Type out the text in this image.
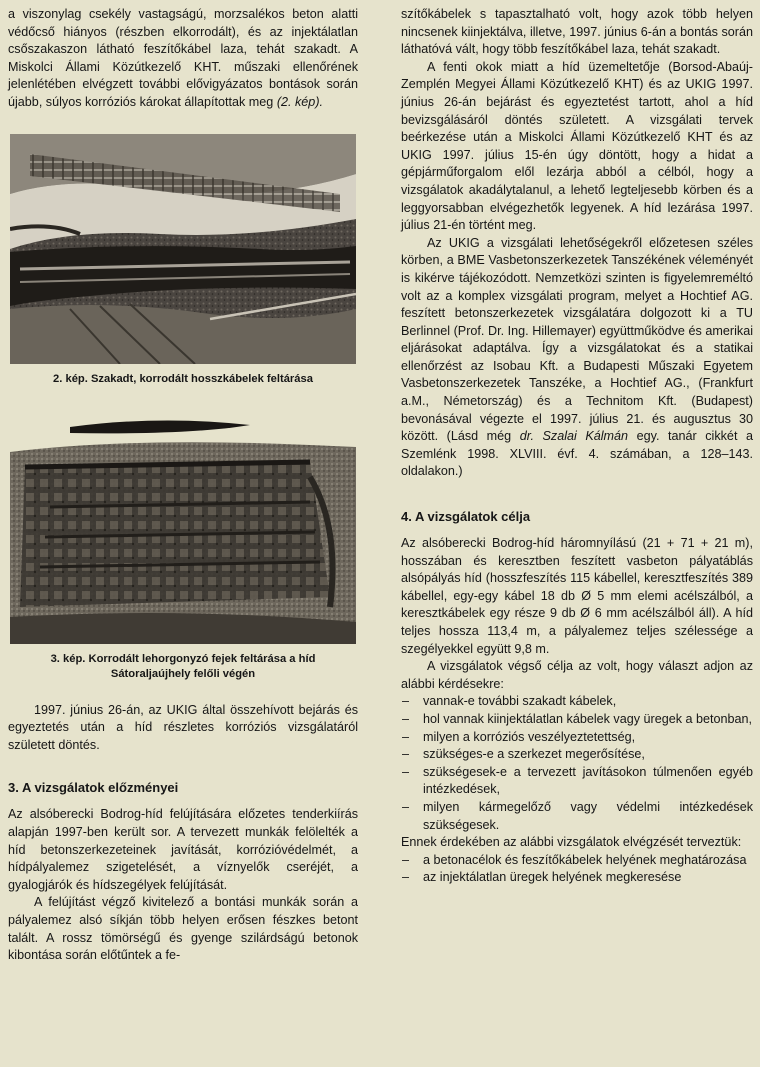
a viszonylag csekély vastagságú, morzsalékos beton alatti védőcső hiányos (részben elkorrodált), és az injektálatlan csőszakaszon látható feszítőkábel laza, tehát szakadt. A Miskolci Állami Közútkezelő KHT. műszaki ellenőrének jelenlétében elvégzett további elővigyázatos bontások során újabb, súlyos korróziós károkat állapítottak meg (2. kép).

2. kép. Szakadt, korrodált hosszkábelek feltárása
3. kép. Korrodált lehorgonyzó fejek feltárása a híd
Sátoraljaújhely felőli végén

1997. június 26-án, az UKIG által összehívott bejárás és egyeztetés után a híd részletes korróziós vizsgálatáról született döntés.

3. A vizsgálatok előzményei

Az alsóberecki Bodrog-híd felújítására előzetes tenderkiírás alapján 1997-ben került sor. A tervezett munkák felölelték a híd betonszerkezeteinek javítását, korrózióvédelmét, a hídpályalemez szigetelését, a víznyelők cseréjét, a gyalogjárók és hídszegélyek felújítását.

A felújítást végző kivitelező a bontási munkák során a pályalemez alsó síkján több helyen erősen fészkes betont talált. A rossz tömörségű és gyenge szilárdságú betonok kibontása során előtűntek a fe-

szítőkábelek s tapasztalható volt, hogy azok több helyen nincsenek kiinjektálva, illetve, 1997. június 6-án a bontás során láthatóvá vált, hogy több feszítőkábel laza, tehát szakadt.

A fenti okok miatt a híd üzemeltetője (Borsod-Abaúj-Zemplén Megyei Állami Közútkezelő KHT) és az UKIG 1997. június 26-án bejárást és egyeztetést tartott, ahol a híd bevizsgálásáról döntés született. A vizsgálati tervek beérkezése után a Miskolci Állami Közútkezelő KHT és az UKIG 1997. július 15-én úgy döntött, hogy a hidat a gépjárműforgalom elől lezárja abból a célból, hogy a vizsgálatok akadálytalanul, a lehető legteljesebb körben és a leggyorsabban elvégezhetők legyenek. A híd lezárása 1997. július 21-én történt meg.

Az UKIG a vizsgálati lehetőségekről előzetesen széles körben, a BME Vasbetonszerkezetek Tanszékének véleményét is kikérve tájékozódott. Nemzetközi szinten is figyelemreméltó volt az a komplex vizsgálati program, melyet a Hochtief AG. feszített betonszerkezetek vizsgálatára dolgozott ki a TU Berlinnel (Prof. Dr. Ing. Hillemayer) együttműködve és amerikai eljárásokat adaptálva. Így a vizsgálatokat és a statikai ellenőrzést az Isobau Kft. a Budapesti Műszaki Egyetem Vasbetonszerkezetek Tanszéke, a Hochtief AG., (Frankfurt a.M., Németország) és a Technitom Kft. (Budapest) bevonásával végezte el 1997. július 21. és augusztus 30 között. (Lásd még dr. Szalai Kálmán egy. tanár cikkét a Szemlénk 1998. XLVIII. évf. 4. számában, a 128–143. oldalakon.)

4. A vizsgálatok célja

Az alsóberecki Bodrog-híd háromnyílású (21 + 71 + 21 m), hosszában és keresztben feszített vasbeton pályatáblás alsópályás híd (hosszfeszítés 115 kábellel, keresztfeszítés 389 kábellel, egy-egy kábel 18 db Ø 5 mm elemi acélszálból, a keresztkábelek egy része 9 db Ø 6 mm acélszálból áll). A híd teljes hossza 113,4 m, a pályalemez teljes szélessége a szegélyekkel együtt 9,8 m.

A vizsgálatok végső célja az volt, hogy választ adjon az alábbi kérdésekre:

– vannak-e további szakadt kábelek,
– hol vannak kiinjektálatlan kábelek vagy üregek a betonban,
– milyen a korróziós veszélyeztetettség,
– szükséges-e a szerkezet megerősítése,
– szükségesek-e a tervezett javításokon túlmenően egyéb intézkedések,
– milyen kármegelőző vagy védelmi intézkedések szükségesek.

Ennek érdekében az alábbi vizsgálatok elvégzését terveztük:

– a betonacélok és feszítőkábelek helyének meghatározása
– az injektálatlan üregek helyének megkeresése
